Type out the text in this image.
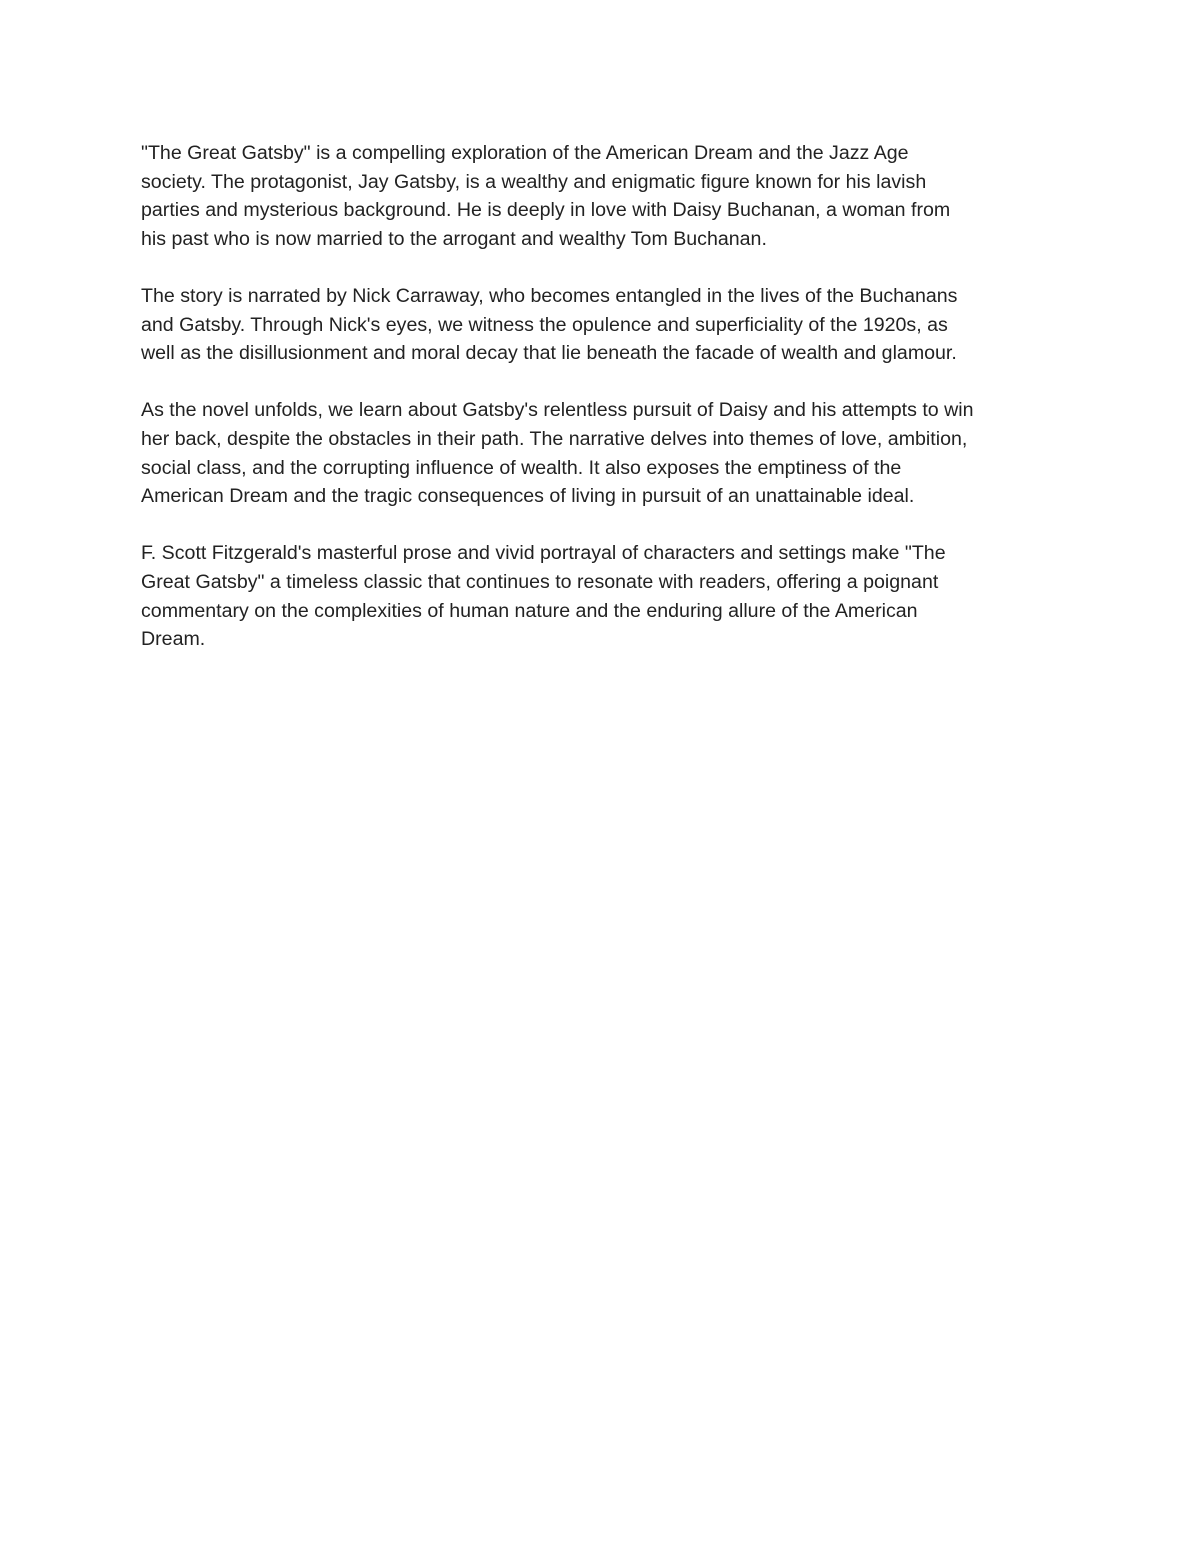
"The Great Gatsby" is a compelling exploration of the American Dream and the Jazz Age
society. The protagonist, Jay Gatsby, is a wealthy and enigmatic figure known for his lavish
parties and mysterious background. He is deeply in love with Daisy Buchanan, a woman from
his past who is now married to the arrogant and wealthy Tom Buchanan.

The story is narrated by Nick Carraway, who becomes entangled in the lives of the Buchanans
and Gatsby. Through Nick's eyes, we witness the opulence and superficiality of the 1920s, as
well as the disillusionment and moral decay that lie beneath the facade of wealth and glamour.

As the novel unfolds, we learn about Gatsby's relentless pursuit of Daisy and his attempts to win
her back, despite the obstacles in their path. The narrative delves into themes of love, ambition,
social class, and the corrupting influence of wealth. It also exposes the emptiness of the
American Dream and the tragic consequences of living in pursuit of an unattainable ideal.

F. Scott Fitzgerald's masterful prose and vivid portrayal of characters and settings make "The
Great Gatsby" a timeless classic that continues to resonate with readers, offering a poignant
commentary on the complexities of human nature and the enduring allure of the American
Dream.
